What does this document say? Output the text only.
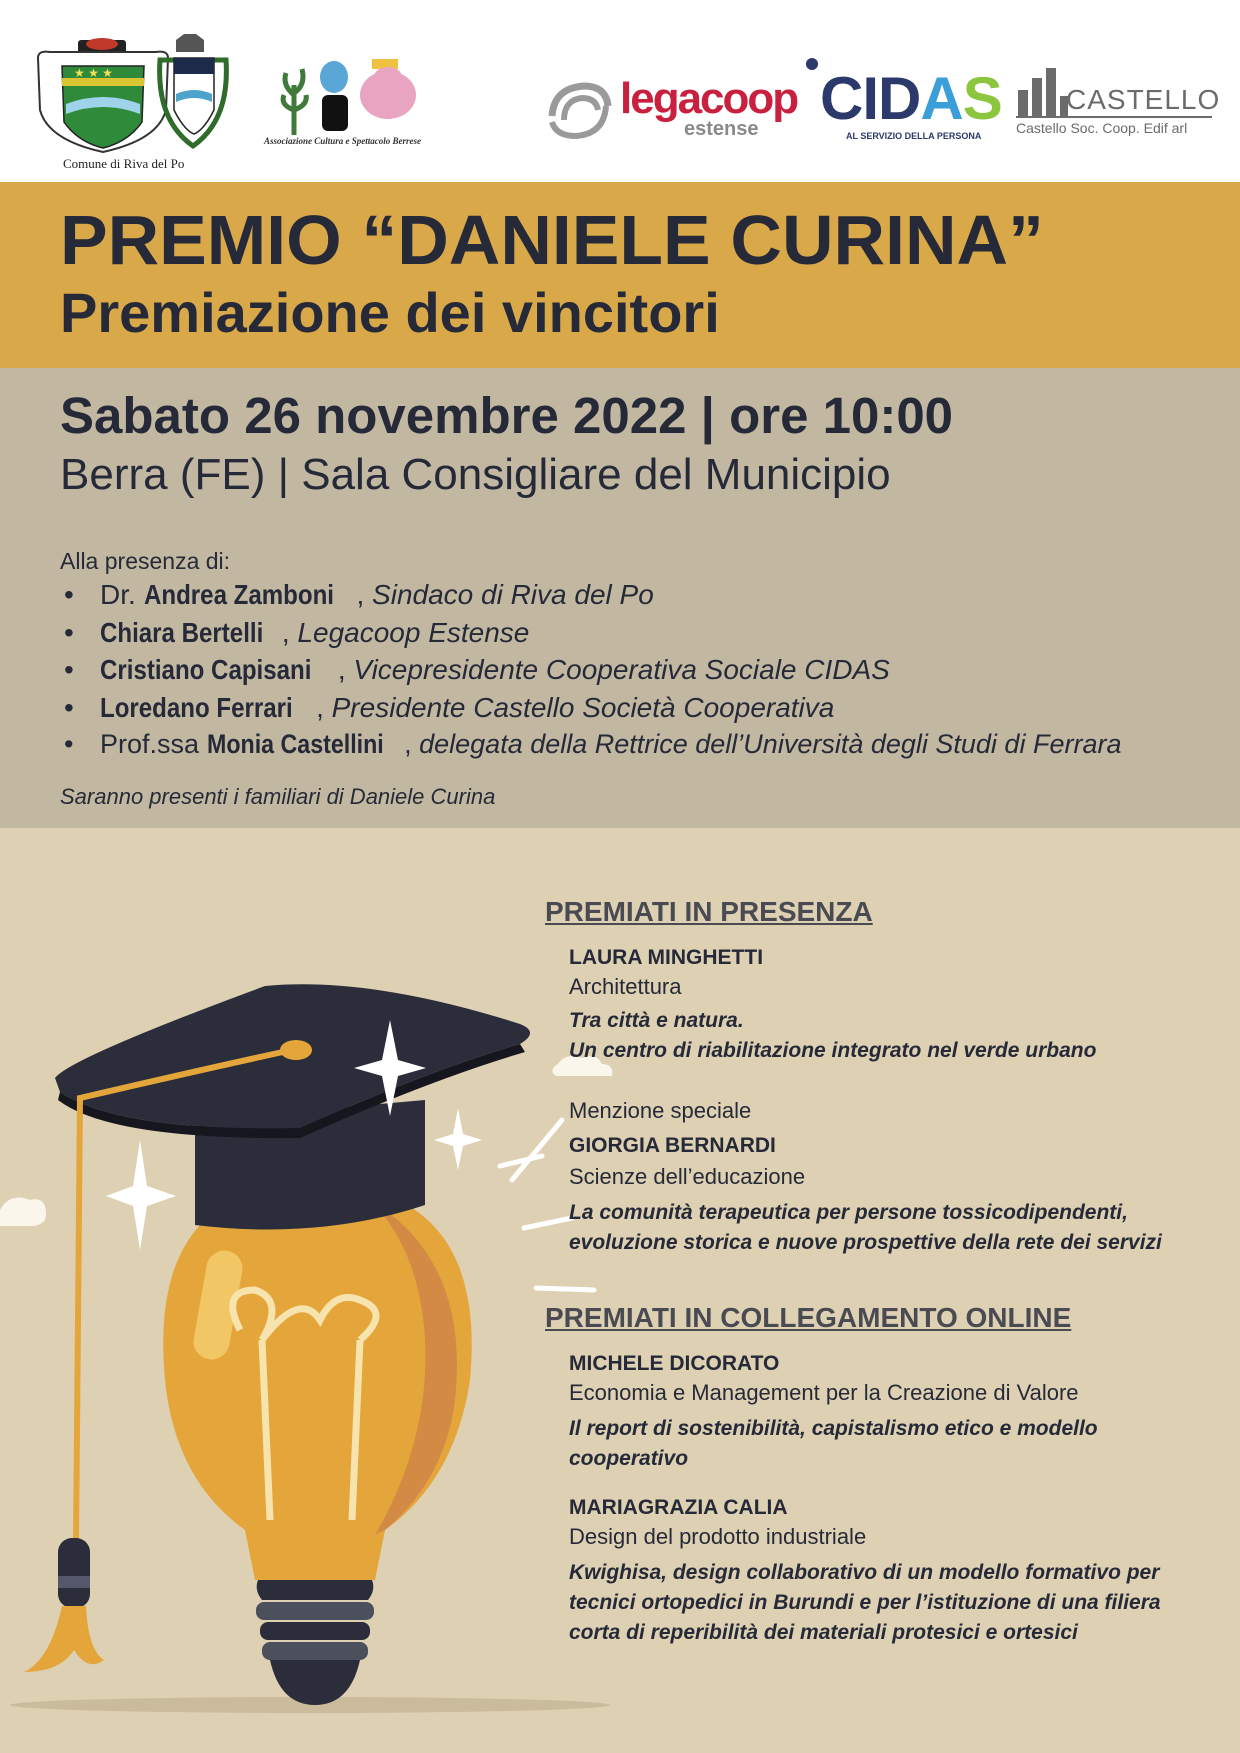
★ ★ ★
Comune di Riva del Po
Associazione Cultura e Spettacolo Berrese
legacoop
estense CIDAS
AL SERVIZIO DELLA PERSONA
CASTELLO
Castello Soc. Coop. Edif arl
PREMIO “DANIELE CURINA”
Premiazione dei vincitori
Sabato 26 novembre 2022 | ore 10:00
Berra (FE) | Sala Consigliare del Municipio
Alla presenza di:
• Dr. Andrea Zamboni , Sindaco di Riva del Po
• Chiara Bertelli , Legacoop Estense
• Cristiano Capisani , Vicepresidente Cooperativa Sociale CIDAS
• Loredano Ferrari , Presidente Castello Società Cooperativa
• Prof.ssa Monia Castellini , delegata della Rettrice dell’Università degli Studi di Ferrara
Saranno presenti i familiari di Daniele Curina
PREMIATI IN PRESENZA
LAURA MINGHETTI
Architettura
Tra città e natura.
Un centro di riabilitazione integrato nel verde urbano
Menzione speciale
GIORGIA BERNARDI
Scienze dell’educazione
La comunità terapeutica per persone tossicodipendenti,
evoluzione storica e nuove prospettive della rete dei servizi
PREMIATI IN COLLEGAMENTO ONLINE
MICHELE DICORATO
Economia e Management per la Creazione di Valore
Il report di sostenibilità, capistalismo etico e modello
cooperativo
MARIAGRAZIA CALIA
Design del prodotto industriale
Kwighisa, design collaborativo di un modello formativo per
tecnici ortopedici in Burundi e per l’istituzione di una filiera
corta di reperibilità dei materiali protesici e ortesici
